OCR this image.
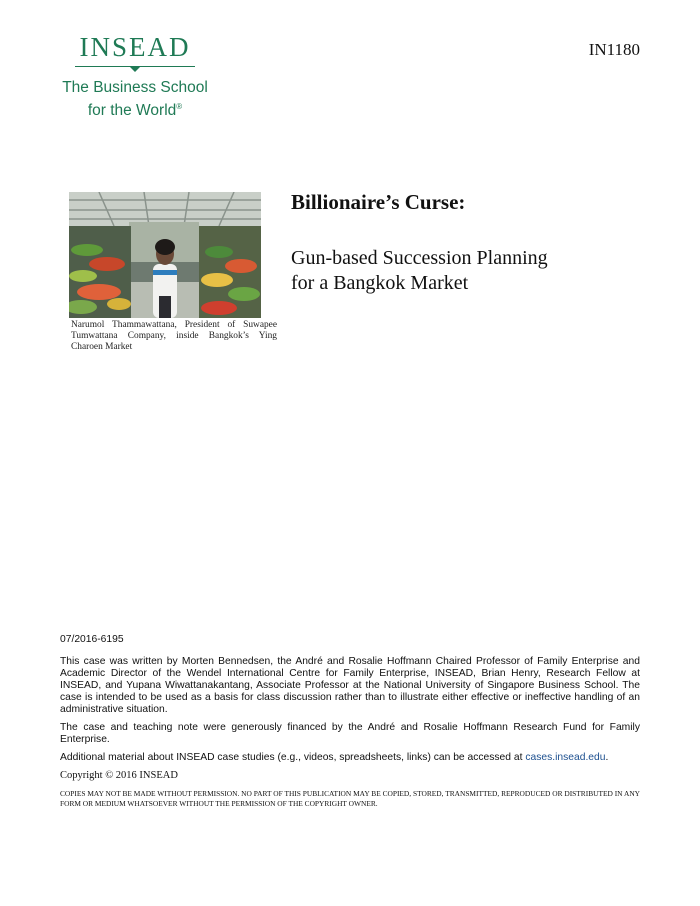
INSEAD
The Business School
for the World®
IN1180
Narumol Thammawattana, President of Suwapee Tumwattana Company, inside Bangkok’s Ying Charoen Market
Billionaire’s Curse:
Gun-based Succession Planning
for a Bangkok Market

07/2016-6195

This case was written by Morten Bennedsen, the André and Rosalie Hoffmann Chaired Professor of Family Enterprise and Academic Director of the Wendel International Centre for Family Enterprise, INSEAD, Brian Henry, Research Fellow at INSEAD, and Yupana Wiwattanakantang, Associate Professor at the National University of Singapore Business School. The case is intended to be used as a basis for class discussion rather than to illustrate either effective or ineffective handling of an administrative situation.

The case and teaching note were generously financed by the André and Rosalie Hoffmann Research Fund for Family Enterprise.

Additional material about INSEAD case studies (e.g., videos, spreadsheets, links) can be accessed at cases.insead.edu.

Copyright © 2016 INSEAD

COPIES MAY NOT BE MADE WITHOUT PERMISSION. NO PART OF THIS PUBLICATION MAY BE COPIED, STORED, TRANSMITTED, REPRODUCED OR DISTRIBUTED IN ANY FORM OR MEDIUM WHATSOEVER WITHOUT THE PERMISSION OF THE COPYRIGHT OWNER.
